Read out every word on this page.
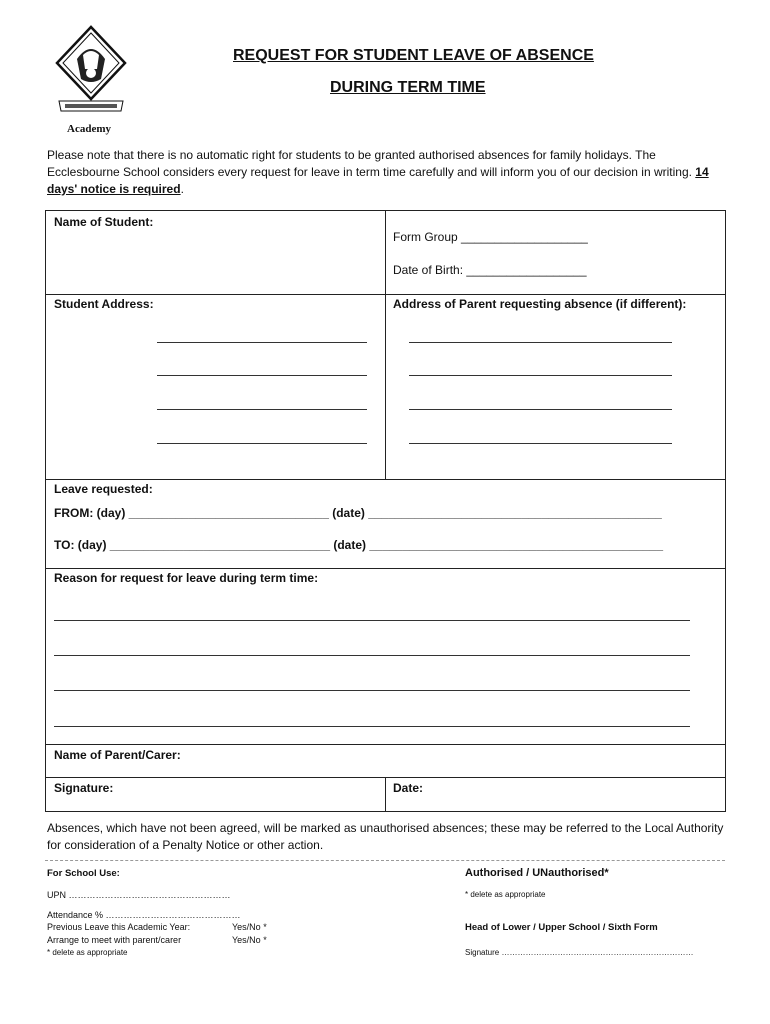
Academy
REQUEST FOR STUDENT LEAVE OF ABSENCE
DURING TERM TIME
Please note that there is no automatic right for students to be granted authorised absences for family holidays. The Ecclesbourne School considers every request for leave in term time carefully and will inform you of our decision in writing. 14 days' notice is required.
Name of Student:
Form Group ___________________
Date of Birth: __________________
Student Address:	Address of Parent requesting absence (if different):
Leave requested:
FROM: (day) ______________________________ (date) ____________________________________________
TO: (day) _________________________________ (date) ____________________________________________
Reason for request for leave during term time:
Name of Parent/Carer:
Signature:	Date:
Absences, which have not been agreed, will be marked as unauthorised absences; these may be referred to the Local Authority for consideration of a Penalty Notice or other action.
For School Use:
UPN ………………………………………………
Attendance % ………………………………………
Previous Leave this Academic Year:	Yes/No *
Arrange to meet with parent/carer	Yes/No *
* delete as appropriate
Authorised / UNauthorised*
* delete as appropriate
Head of Lower / Upper School / Sixth Form
Signature ………………………………………………………………
